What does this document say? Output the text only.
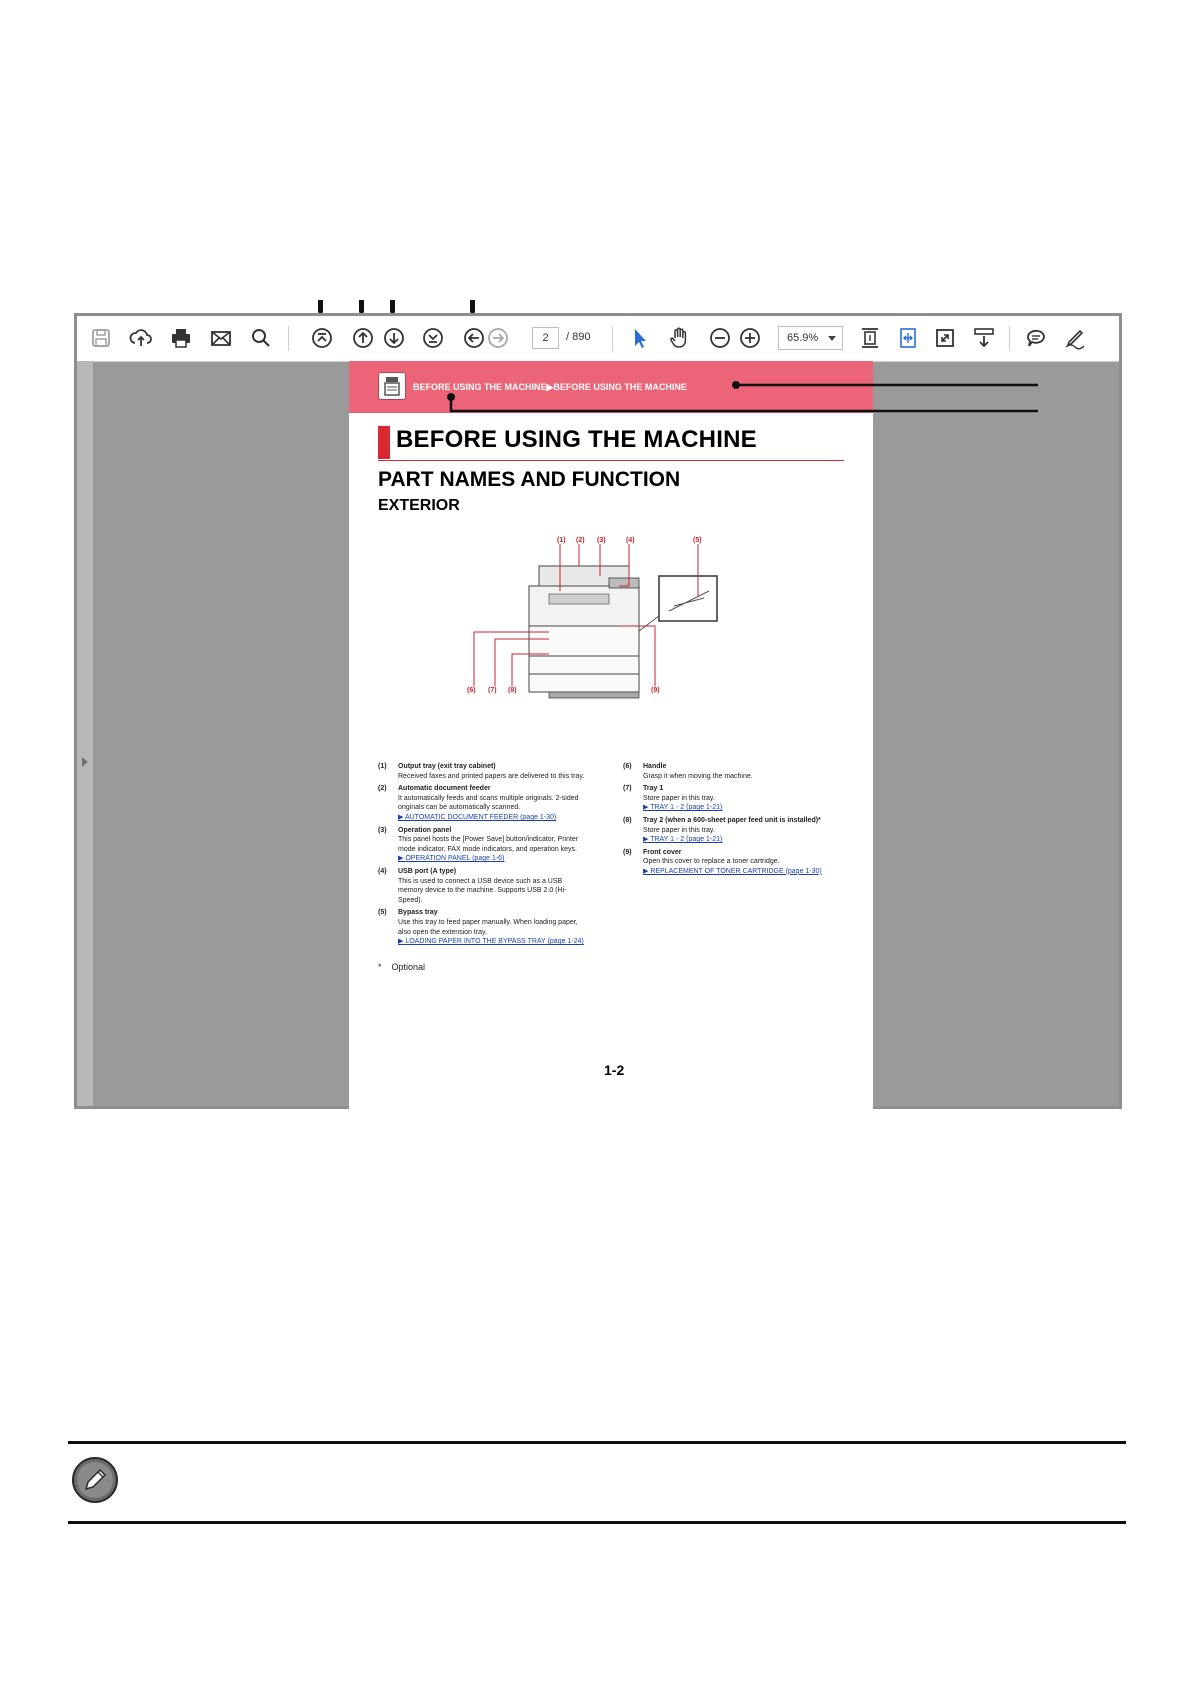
2	/ 890	65.9%
BEFORE USING THE MACHINE▶BEFORE USING THE MACHINE
BEFORE USING THE MACHINE
PART NAMES AND FUNCTION
EXTERIOR
(1) (2) (3)	(4)	(5)
(6) (7) (8)	(9)
(1) Output tray (exit tray cabinet)
Received faxes and printed papers are delivered to this tray.
(2) Automatic document feeder
It automatically feeds and scans multiple originals. 2-sided originals can be automatically scanned.
▶ AUTOMATIC DOCUMENT FEEDER (page 1-30)
(3) Operation panel
This panel hosts the [Power Save] button/indicator, Printer mode indicator, FAX mode indicators, and operation keys.
▶ OPERATION PANEL (page 1-6)
(4) USB port (A type)
This is used to connect a USB device such as a USB memory device to the machine. Supports USB 2.0 (Hi-Speed).
(5) Bypass tray
Use this tray to feed paper manually. When loading paper, also open the extension tray.
▶ LOADING PAPER INTO THE BYPASS TRAY (page 1-24)
(6) Handle
Grasp it when moving the machine.
(7) Tray 1
Store paper in this tray.
▶ TRAY 1 - 2 (page 1-21)
(8) Tray 2 (when a 600-sheet paper feed unit is installed)*
Store paper in this tray.
▶ TRAY 1 - 2 (page 1-21)
(9) Front cover
Open this cover to replace a toner cartridge.
▶ REPLACEMENT OF TONER CARTRIDGE (page 1-30)
* Optional
1-2
